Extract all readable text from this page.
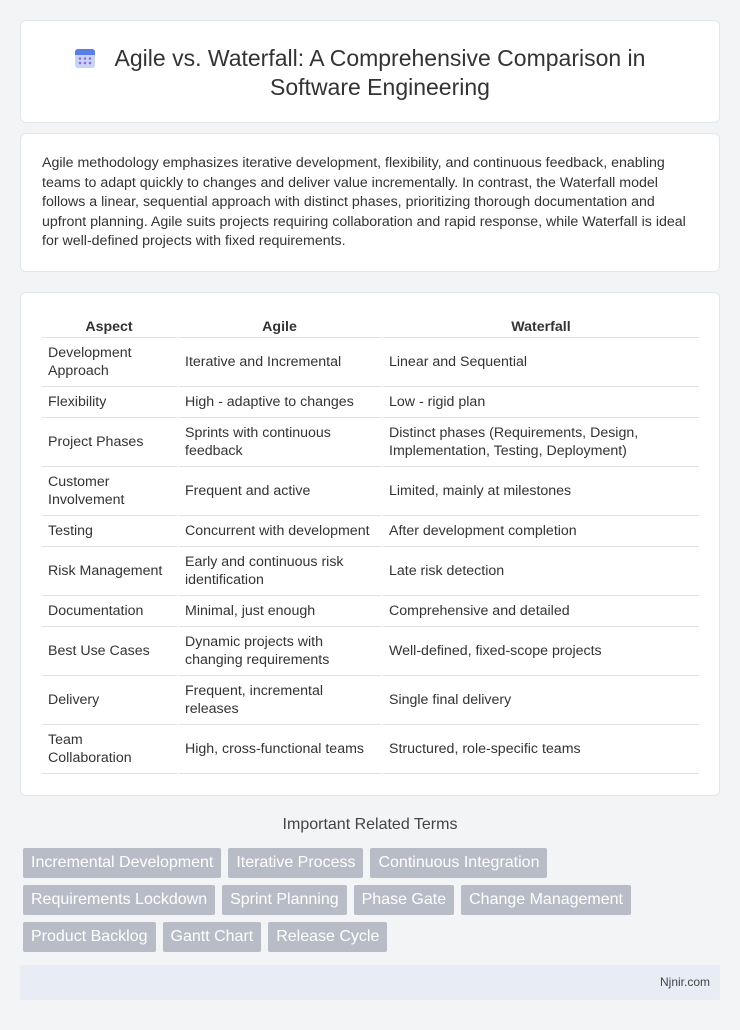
Agile vs. Waterfall: A Comprehensive Comparison in Software Engineering

Agile methodology emphasizes iterative development, flexibility, and continuous feedback, enabling teams to adapt quickly to changes and deliver value incrementally. In contrast, the Waterfall model follows a linear, sequential approach with distinct phases, prioritizing thorough documentation and upfront planning. Agile suits projects requiring collaboration and rapid response, while Waterfall is ideal for well-defined projects with fixed requirements.

Aspect	Agile	Waterfall
Development Approach	Iterative and Incremental	Linear and Sequential
Flexibility	High - adaptive to changes	Low - rigid plan
Project Phases	Sprints with continuous feedback	Distinct phases (Requirements, Design, Implementation, Testing, Deployment)
Customer Involvement	Frequent and active	Limited, mainly at milestones
Testing	Concurrent with development	After development completion
Risk Management	Early and continuous risk identification	Late risk detection
Documentation	Minimal, just enough	Comprehensive and detailed
Best Use Cases	Dynamic projects with changing requirements	Well-defined, fixed-scope projects
Delivery	Frequent, incremental releases	Single final delivery
Team Collaboration	High, cross-functional teams	Structured, role-specific teams
Important Related Terms
Incremental Development	Iterative Process	Continuous Integration
Requirements Lockdown	Sprint Planning	Phase Gate	Change Management
Product Backlog	Gantt Chart	Release Cycle
Njnir.com
